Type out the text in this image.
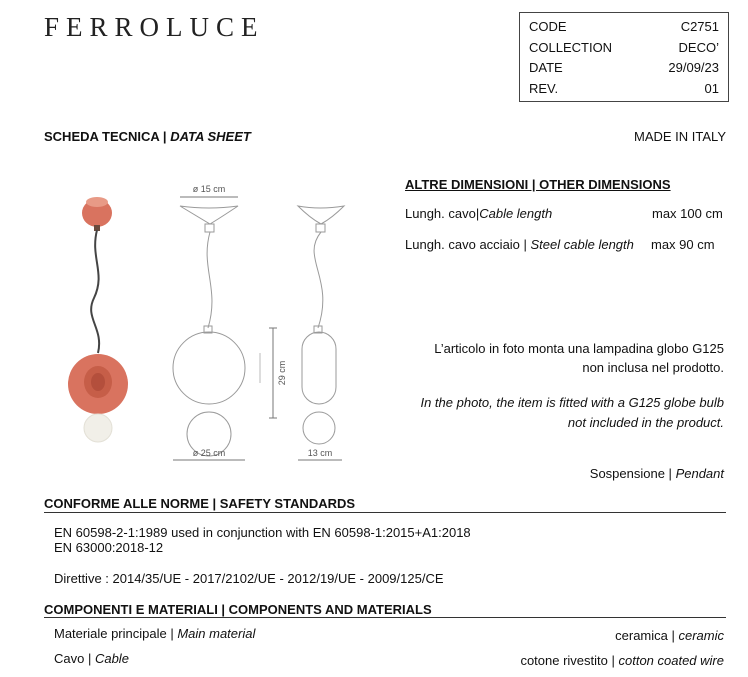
FERROLUCE	CODE	C2751
COLLECTION	DECO’
DATE	29/09/23
REV.	01
SCHEDA TECNICA | DATA SHEET	MADE IN ITALY
ø 15 cm
ø 25 cm	13 cm
29 cm
ALTRE DIMENSIONI | OTHER DIMENSIONS
Lungh. cavo|Cable length	max 100 cm
Lungh. cavo acciaio | Steel cable length max 90 cm
L’articolo in foto monta una lampadina globo G125
non inclusa nel prodotto.
In the photo, the item is fitted with a G125 globe bulb
not included in the product.
Sospensione | Pendant
CONFORME ALLE NORME | SAFETY STANDARDS
EN 60598-2-1:1989 used in conjunction with EN 60598-1:2015+A1:2018
EN 63000:2018-12
Direttive : 2014/35/UE - 2017/2102/UE - 2012/19/UE - 2009/125/CE
COMPONENTI E MATERIALI | COMPONENTS AND MATERIALS
Materiale principale | Main material	ceramica | ceramic
Cavo | Cable	cotone rivestito | cotton coated wire
